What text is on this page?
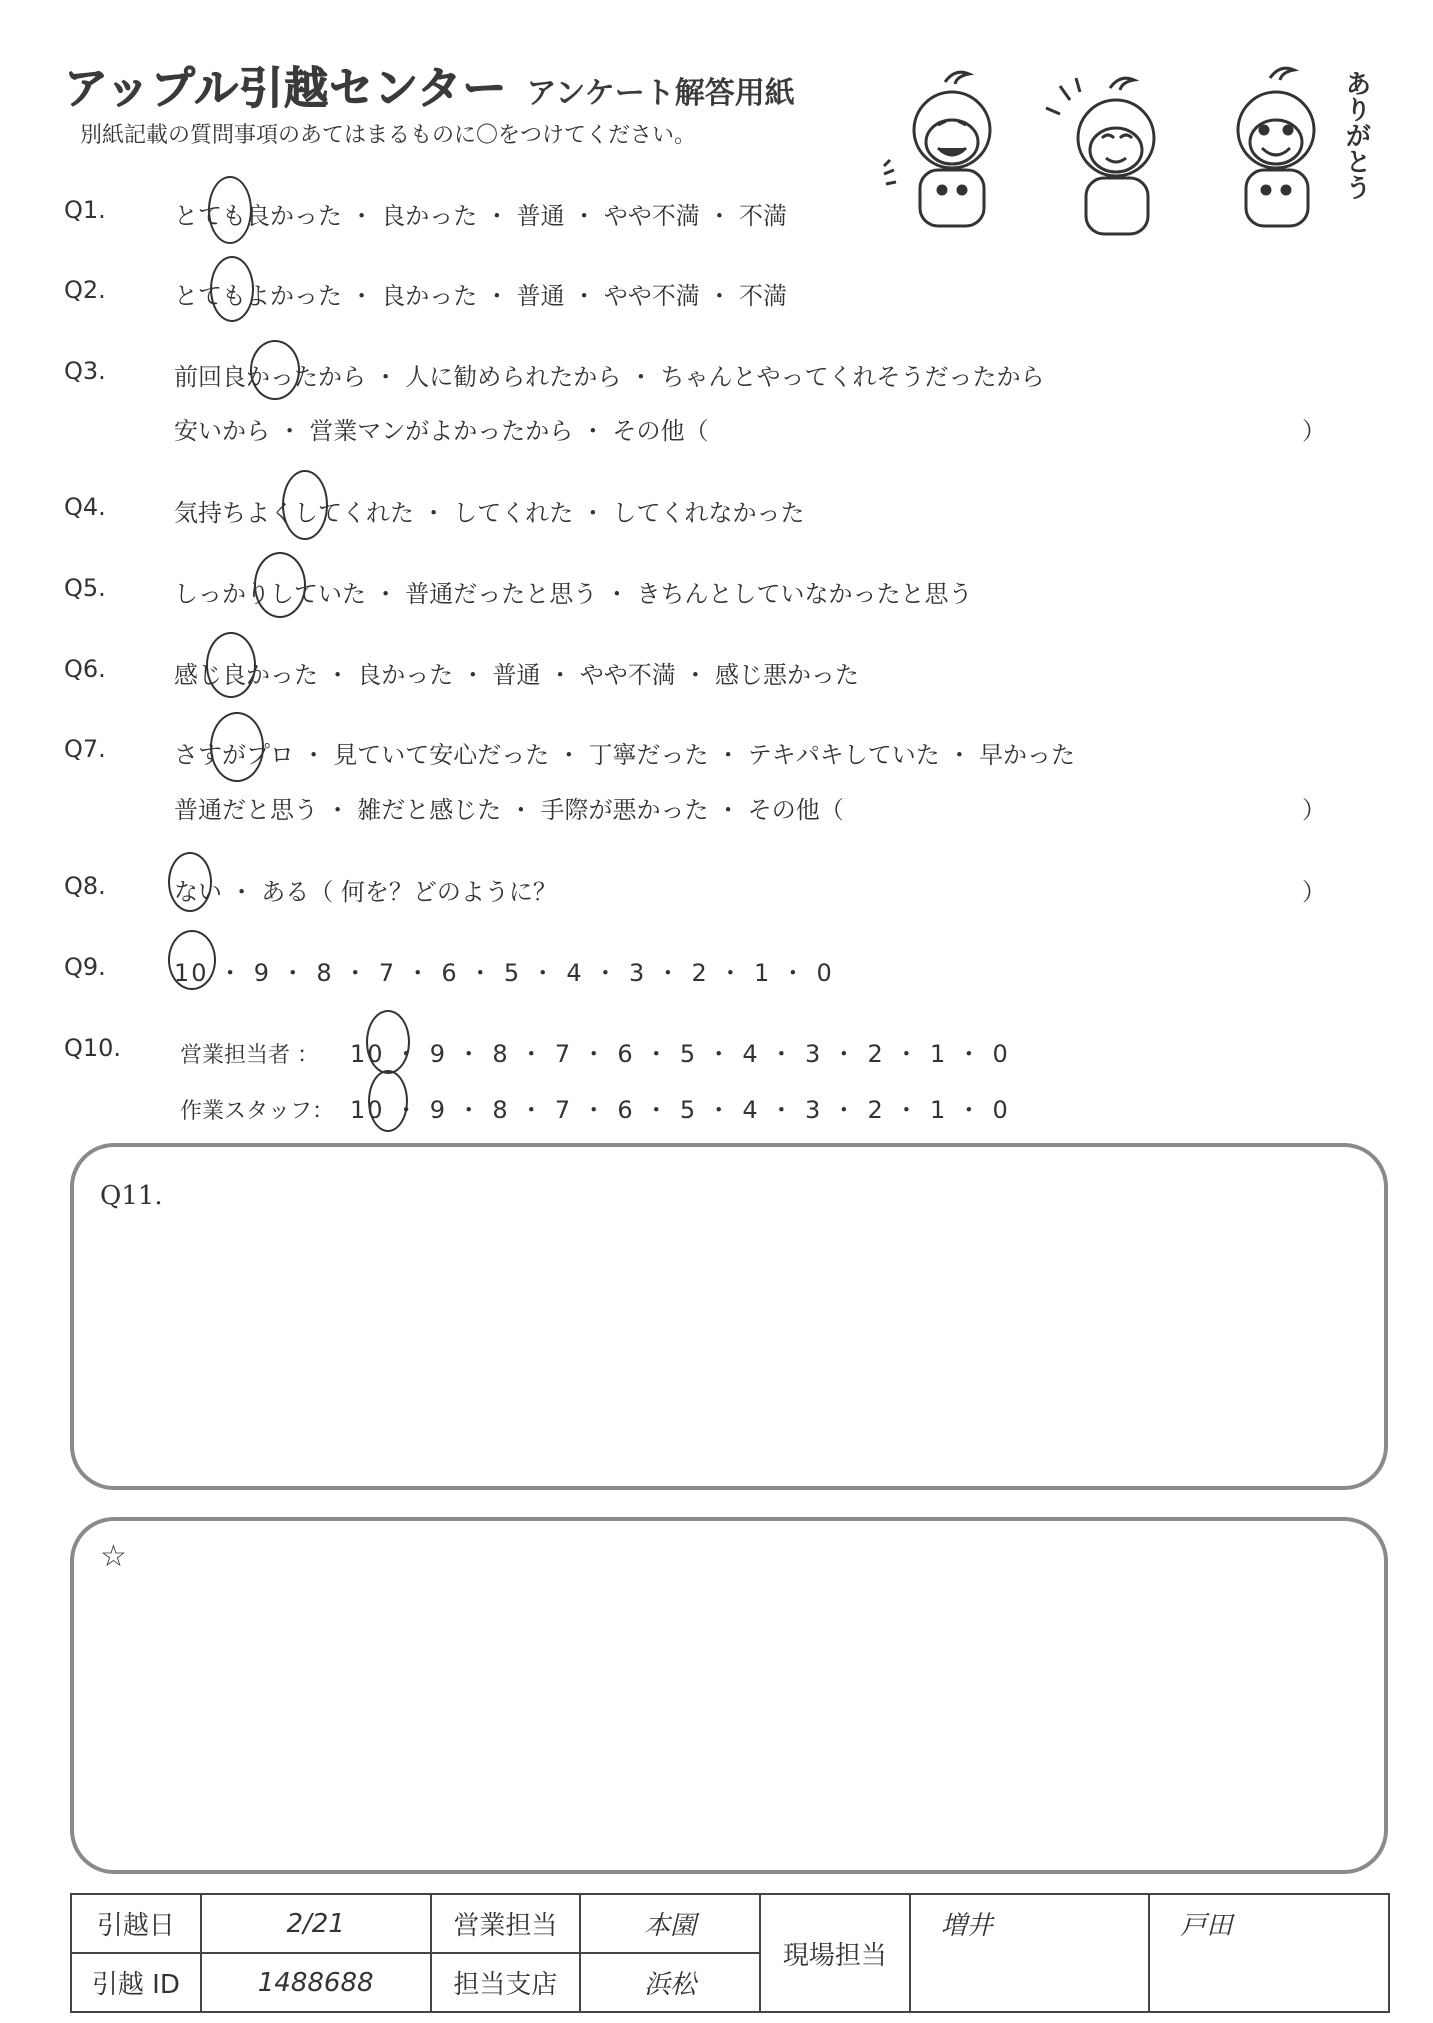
アップル引越センター アンケート解答用紙
別紙記載の質問事項のあてはまるものに〇をつけてください。	ありがとう
Q1.	とても良かった ・ 良かった ・ 普通 ・ やや不満 ・ 不満
Q2.	とてもよかった ・ 良かった ・ 普通 ・ やや不満 ・ 不満
Q3.	前回良かったから ・ 人に勧められたから ・ ちゃんとやってくれそうだったから
安いから ・ 営業マンがよかったから ・ その他（	）
Q4.	気持ちよくしてくれた ・ してくれた ・ してくれなかった
Q5.	しっかりしていた ・ 普通だったと思う ・ きちんとしていなかったと思う
Q6.	感じ良かった ・ 良かった ・ 普通 ・ やや不満 ・ 感じ悪かった
Q7.	さすがプロ ・ 見ていて安心だった ・ 丁寧だった ・ テキパキしていた ・ 早かった
普通だと思う ・ 雑だと感じた ・ 手際が悪かった ・ その他（	）
Q8.	ない ・ ある（ 何を？どのように？	）
Q9.	10 ・ 9 ・ 8 ・ 7 ・ 6 ・ 5 ・ 4 ・ 3 ・ 2 ・ 1 ・ 0
Q10.	営業担当者 ： 10 ・ 9 ・ 8 ・ 7 ・ 6 ・ 5 ・ 4 ・ 3 ・ 2 ・ 1 ・ 0
作業スタッフ： 10 ・ 9 ・ 8 ・ 7 ・ 6 ・ 5 ・ 4 ・ 3 ・ 2 ・ 1 ・ 0
Q11.
☆
引越日	2/21	営業担当	本園	現場担当	増井	戸田
引越 ID	1488688	担当支店	浜松			
